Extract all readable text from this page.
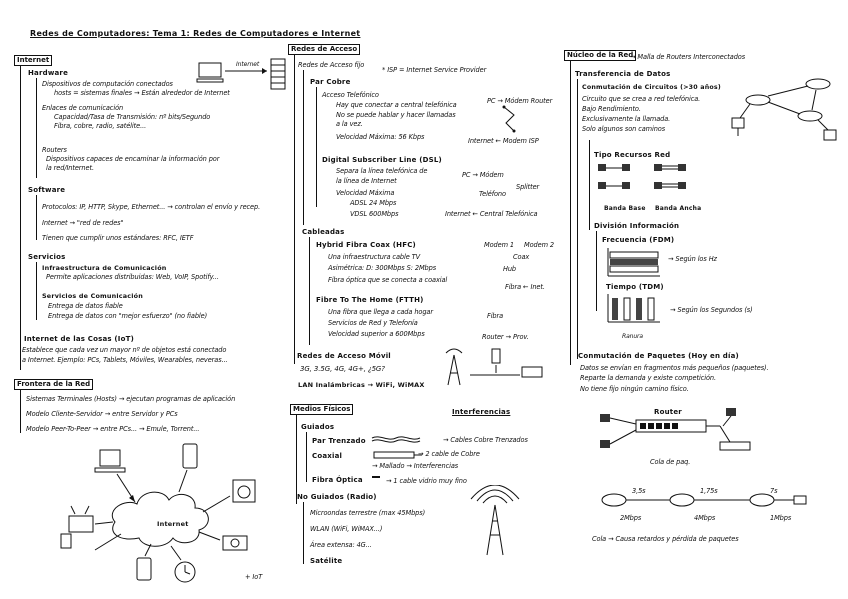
Redes de Computadores: Tema 1: Redes de Computadores e Internet
Internet
Hardware
Dispositivos de computación conectados
hosts = sistemas finales → Están alrededor de Internet
Enlaces de comunicación
Capacidad/Tasa de Transmisión: nº bits/Segundo
Fibra, cobre, radio, satélite...
Routers
Dispositivos capaces de encaminar la información por
la red/Internet.
Internet
Software
Protocolos: IP, HTTP, Skype, Ethernet... → controlan el envío y recep.
Internet → "red de redes"
Tienen que cumplir unos estándares: RFC, IETF
Servicios
Infraestructura de Comunicación
Permite aplicaciones distribuidas: Web, VoIP, Spotify...
Servicios de Comunicación
Entrega de datos fiable
Entrega de datos con "mejor esfuerzo" (no fiable)
Internet de las Cosas (IoT)
Establece que cada vez un mayor nº de objetos está conectado
a Internet. Ejemplo: PCs, Tablets, Móviles, Wearables, neveras...
Frontera de la Red
Sistemas Terminales (Hosts) → ejecutan programas de aplicación
Modelo Cliente-Servidor → entre Servidor y PCs
Modelo Peer-To-Peer → entre PCs... → Emule, Torrent...
Internet
+ IoT
Redes de Acceso
Redes de Acceso fijo
* ISP = Internet Service Provider
Par Cobre
Acceso Telefónico
Hay que conectar a central telefónica
No se puede hablar y hacer llamadas
a la vez.
Velocidad Máxima: 56 Kbps
PC → Módem Router
Internet ← Modem ISP
Digital Subscriber Line (DSL)
Separa la línea telefónica de
la línea de Internet
Velocidad Máxima
ADSL 24 Mbps
VDSL 600Mbps
PC → Módem
Splitter
Teléfono
Internet ← Central Telefónica
Cableadas
Hybrid Fibra Coax (HFC)
Una infraestructura cable TV
Asimétrica: D: 300Mbps S: 2Mbps
Fibra óptica que se conecta a coaxial
Modem 1 Modem 2
Coax
Hub
Fibra ← Inet.
Fibre To The Home (FTTH)
Una fibra que llega a cada hogar
Servicios de Red y Telefonía
Velocidad superior a 600Mbps
Fibra
Router → Prov.
Redes de Acceso Móvil
3G, 3.5G, 4G, 4G+, ¿5G?
LAN Inalámbricas → WiFi, WiMAX
Medios Físicos	Interferencias
Guiados
Par Trenzado	→ Cables Cobre Trenzados
Coaxial	→ 2 cable de Cobre
→ Mallado → Interferencias
Fibra Óptica	→ 1 cable vidrio muy fino
No Guiados (Radio)
Microondas terrestre (max 45Mbps)
WLAN (WiFi, WiMAX...)
Área extensa: 4G...
Satélite
Núcleo de la Red
→ Malla de Routers Interconectados
Transferencia de Datos
Conmutación de Circuitos (>30 años)
Circuito que se crea a red telefónica.
Bajo Rendimiento.
Exclusivamente la llamada.
Solo algunos son caminos
Tipo Recursos Red
Banda Base Banda Ancha
División Información
Frecuencia (FDM)
→ Según los Hz
Tiempo (TDM)
→ Según los Segundos (s)
Ranura
Conmutación de Paquetes (Hoy en día)
Datos se envían en fragmentos más pequeños (paquetes).
Reparte la demanda y existe competición.
No tiene fijo ningún camino físico.
Router
Cola de paq.
3,5s	1,75s	7s
2Mbps	4Mbps	1Mbps
Cola → Causa retardos y pérdida de paquetes
